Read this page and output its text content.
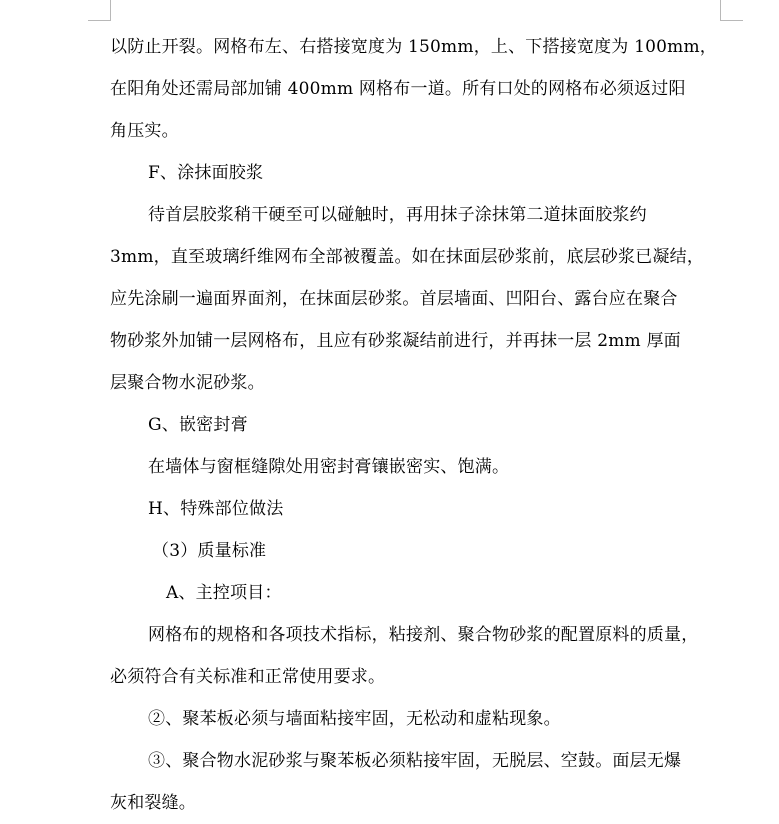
以防止开裂。网格布左、右搭接宽度为 150mm，上、下搭接宽度为 100mm，
在阳角处还需局部加铺 400mm 网格布一道。所有口处的网格布必须返过阳
角压实。

F、涂抹面胶浆

待首层胶浆稍干硬至可以碰触时，再用抹子涂抹第二道抹面胶浆约
3mm，直至玻璃纤维网布全部被覆盖。如在抹面层砂浆前，底层砂浆已凝结，
应先涂刷一遍面界面剂，在抹面层砂浆。首层墙面、凹阳台、露台应在聚合
物砂浆外加铺一层网格布，且应有砂浆凝结前进行，并再抹一层 2mm 厚面
层聚合物水泥砂浆。

G、嵌密封膏

在墙体与窗框缝隙处用密封膏镶嵌密实、饱满。

H、特殊部位做法

（3）质量标准

A、主控项目：

网格布的规格和各项技术指标，粘接剂、聚合物砂浆的配置原料的质量，
必须符合有关标准和正常使用要求。

②、聚苯板必须与墙面粘接牢固，无松动和虚粘现象。

③、聚合物水泥砂浆与聚苯板必须粘接牢固，无脱层、空鼓。面层无爆
灰和裂缝。
